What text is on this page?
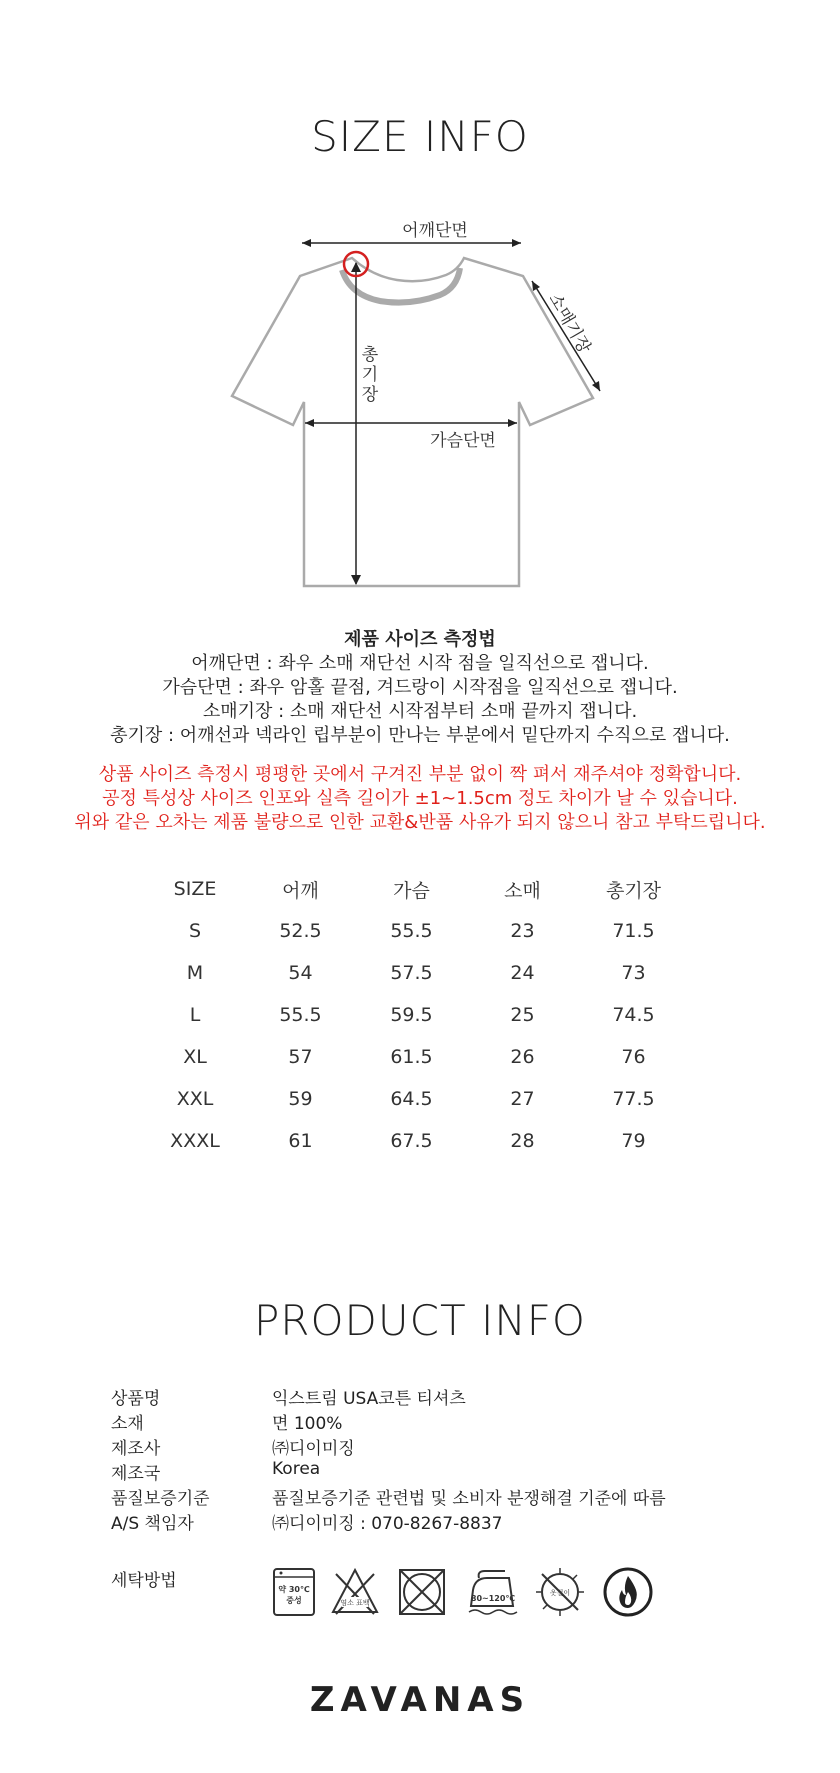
SIZE INFO
어깨단면
소매기장
총
기
장
가슴단면
제품 사이즈 측정법
어깨단면 : 좌우 소매 재단선 시작 점을 일직선으로 잽니다.
가슴단면 : 좌우 암홀 끝점, 겨드랑이 시작점을 일직선으로 잽니다.
소매기장 : 소매 재단선 시작점부터 소매 끝까지 잽니다.
총기장 : 어깨선과 넥라인 립부분이 만나는 부분에서 밑단까지 수직으로 잽니다.
상품 사이즈 측정시 평평한 곳에서 구겨진 부분 없이 짝 펴서 재주셔야 정확합니다.
공정 특성상 사이즈 인포와 실측 길이가 ±1~1.5cm 정도 차이가 날 수 있습니다.
위와 같은 오차는 제품 불량으로 인한 교환&반품 사유가 되지 않으니 참고 부탁드립니다.
SIZE	어깨	가슴	소매	총기장
S	52.5	55.5	23	71.5
M	54	57.5	24	73
L	55.5	59.5	25	74.5
XL	57	61.5	26	76
XXL	59	64.5	27	77.5
XXXL	61	67.5	28	79
PRODUCT INFO
상품명	익스트림 USA코튼 티셔츠
소재	면 100%
제조사	㈜디이미징
제조국	Korea
품질보증기준	품질보증기준 관련법 및 소비자 분쟁해결 기준에 따름
A/S 책임자	㈜디이미징 : 070-8267-8837
세탁방법	약 30℃
중성	염소 표백	80~120℃
옷걸이
ZAVANAS
